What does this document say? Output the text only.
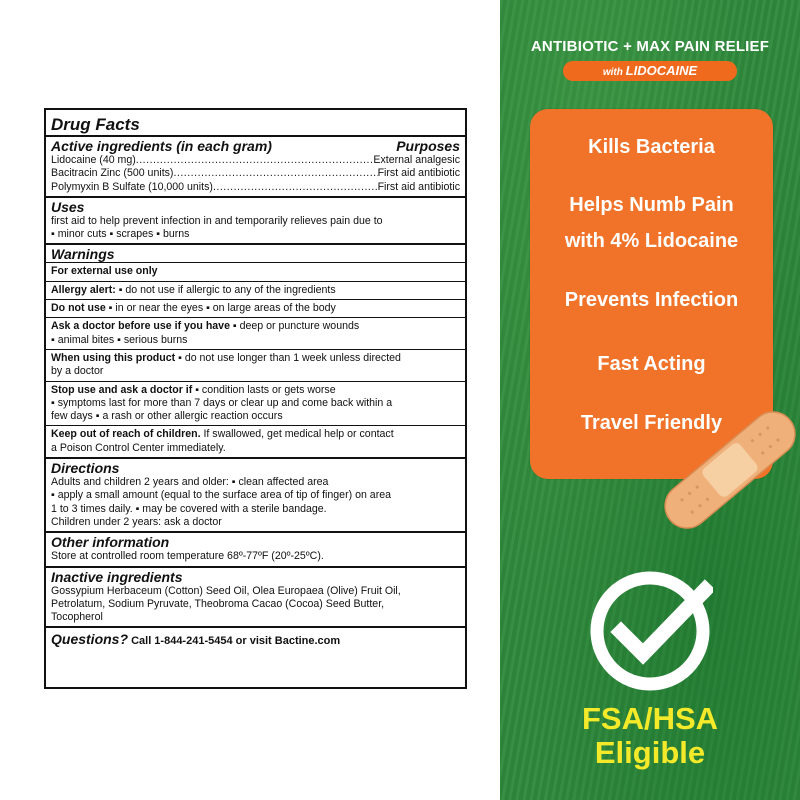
Drug Facts
Active ingredients (in each gram)	Purposes
Lidocaine (40 mg) .....	External analgesic
Bacitracin Zinc (500 units) .....	First aid antibiotic
Polymyxin B Sulfate (10,000 units) .....	First aid antibiotic
Uses

first aid to help prevent infection in and temporarily relieves pain due to

▪ minor cuts ▪ scrapes ▪ burns

Warnings
For external use only
Allergy alert: ▪ do not use if allergic to any of the ingredients
Do not use ▪ in or near the eyes ▪ on large areas of the body

Ask a doctor before use if you have ▪ deep or puncture wounds

▪ animal bites ▪ serious burns

When using this product ▪ do not use longer than 1 week unless directed

by a doctor

Stop use and ask a doctor if ▪ condition lasts or gets worse

▪ symptoms last for more than 7 days or clear up and come back within a

few days ▪ a rash or other allergic reaction occurs

Keep out of reach of children. If swallowed, get medical help or contact

a Poison Control Center immediately.

Directions

Adults and children 2 years and older: ▪ clean affected area

▪ apply a small amount (equal to the surface area of tip of finger) on area

1 to 3 times daily. ▪ may be covered with a sterile bandage.

Children under 2 years: ask a doctor

Other information

Store at controlled room temperature 68º-77ºF (20º-25ºC).

Inactive ingredients

Gossypium Herbaceum (Cotton) Seed Oil, Olea Europaea (Olive) Fruit Oil,

Petrolatum, Sodium Pyruvate, Theobroma Cacao (Cocoa) Seed Butter,

Tocopherol

Questions? Call 1-844-241-5454 or visit Bactine.com
ANTIBIOTIC + MAX PAIN RELIEF
with LIDOCAINE
Kills Bacteria
Helps Numb Pain
with 4% Lidocaine
Prevents Infection
Fast Acting
Travel Friendly
FSA/HSA
Eligible
